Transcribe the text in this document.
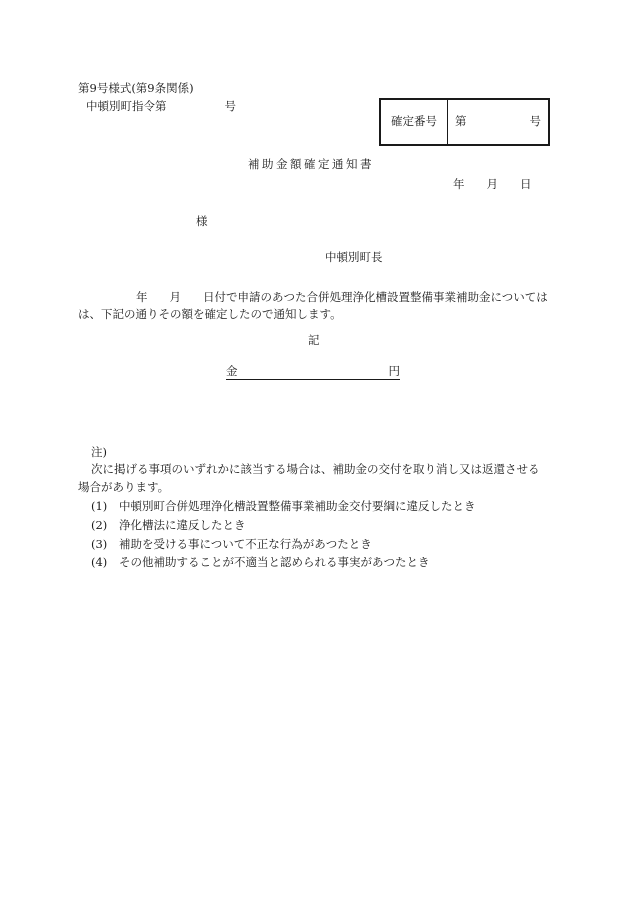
第9号様式(第9条関係)
中頓別町指令第	号
確定番号	第	号
補助金額確定通知書
年 月 日
様
中頓別町長
年 月 日付で申請のあつた合併処理浄化槽設置整備事業補助金については
は、下記の通りその額を確定したので通知します。
記
金	円
注)
次に掲げる事項のいずれかに該当する場合は、補助金の交付を取り消し又は返還させる
場合があります。
(1) 中頓別町合併処理浄化槽設置整備事業補助金交付要綱に違反したとき
(2) 浄化槽法に違反したとき
(3) 補助を受ける事について不正な行為があつたとき
(4) その他補助することが不適当と認められる事実があつたとき
